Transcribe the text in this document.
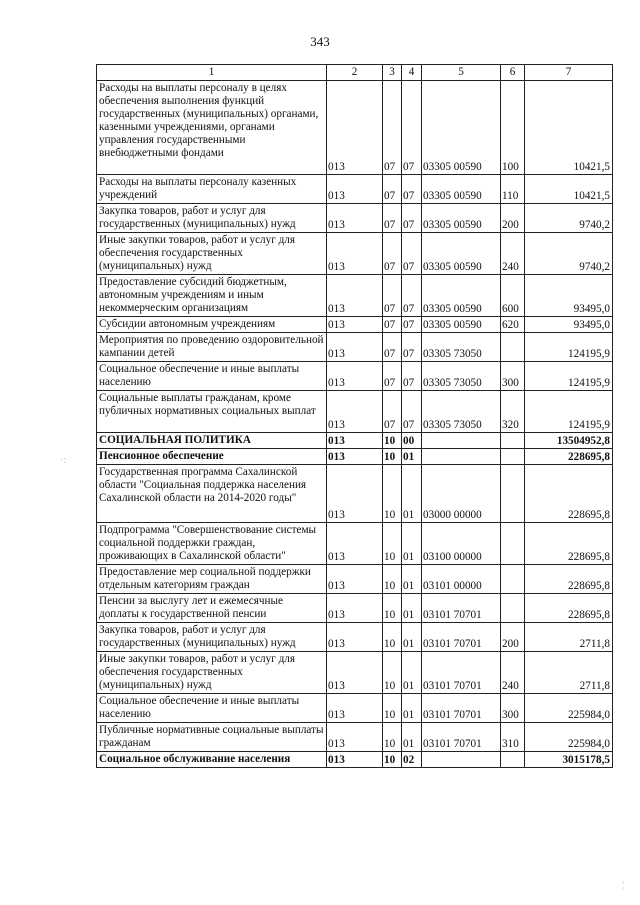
343
1	2	3	4	5	6	7
Расходы на выплаты персоналу в целях обеспечения выполнения функций государственных (муниципальных) органами, казенными учреждениями, органами управления государственными внебюджетными фондами	013	07	07	03305 00590	100	10421,5
Расходы на выплаты персоналу казенных учреждений	013	07	07	03305 00590	110	10421,5
Закупка товаров, работ и услуг для государственных (муниципальных) нужд	013	07	07	03305 00590	200	9740,2
Иные закупки товаров, работ и услуг для обеспечения государственных (муниципальных) нужд	013	07	07	03305 00590	240	9740,2
Предоставление субсидий бюджетным, автономным учреждениям и иным некоммерческим организациям	013	07	07	03305 00590	600	93495,0
Субсидии автономным учреждениям	013	07	07	03305 00590	620	93495,0
Мероприятия по проведению оздоровительной кампании детей	013	07	07	03305 73050		124195,9
Социальное обеспечение и иные выплаты населению	013	07	07	03305 73050	300	124195,9
Социальные выплаты гражданам, кроме публичных нормативных социальных выплат	013	07	07	03305 73050	320	124195,9
СОЦИАЛЬНАЯ ПОЛИТИКА	013	10	00			13504952,8
Пенсионное обеспечение	013	10	01			228695,8
Государственная программа Сахалинской области "Социальная поддержка населения Сахалинской области на 2014-2020 годы"	013	10	01	03000 00000		228695,8
Подпрограмма "Совершенствование системы социальной поддержки граждан, проживающих в Сахалинской области"	013	10	01	03100 00000		228695,8
Предоставление мер социальной поддержки отдельным категориям граждан	013	10	01	03101 00000		228695,8
Пенсии за выслугу лет и ежемесячные доплаты к государственной пенсии	013	10	01	03101 70701		228695,8
Закупка товаров, работ и услуг для государственных (муниципальных) нужд	013	10	01	03101 70701	200	2711,8
Иные закупки товаров, работ и услуг для обеспечения государственных (муниципальных) нужд	013	10	01	03101 70701	240	2711,8
Социальное обеспечение и иные выплаты населению	013	10	01	03101 70701	300	225984,0
Публичные нормативные социальные выплаты гражданам	013	10	01	03101 70701	310	225984,0
Социальное обслуживание населения	013	10	02			3015178,5
·:
¦
